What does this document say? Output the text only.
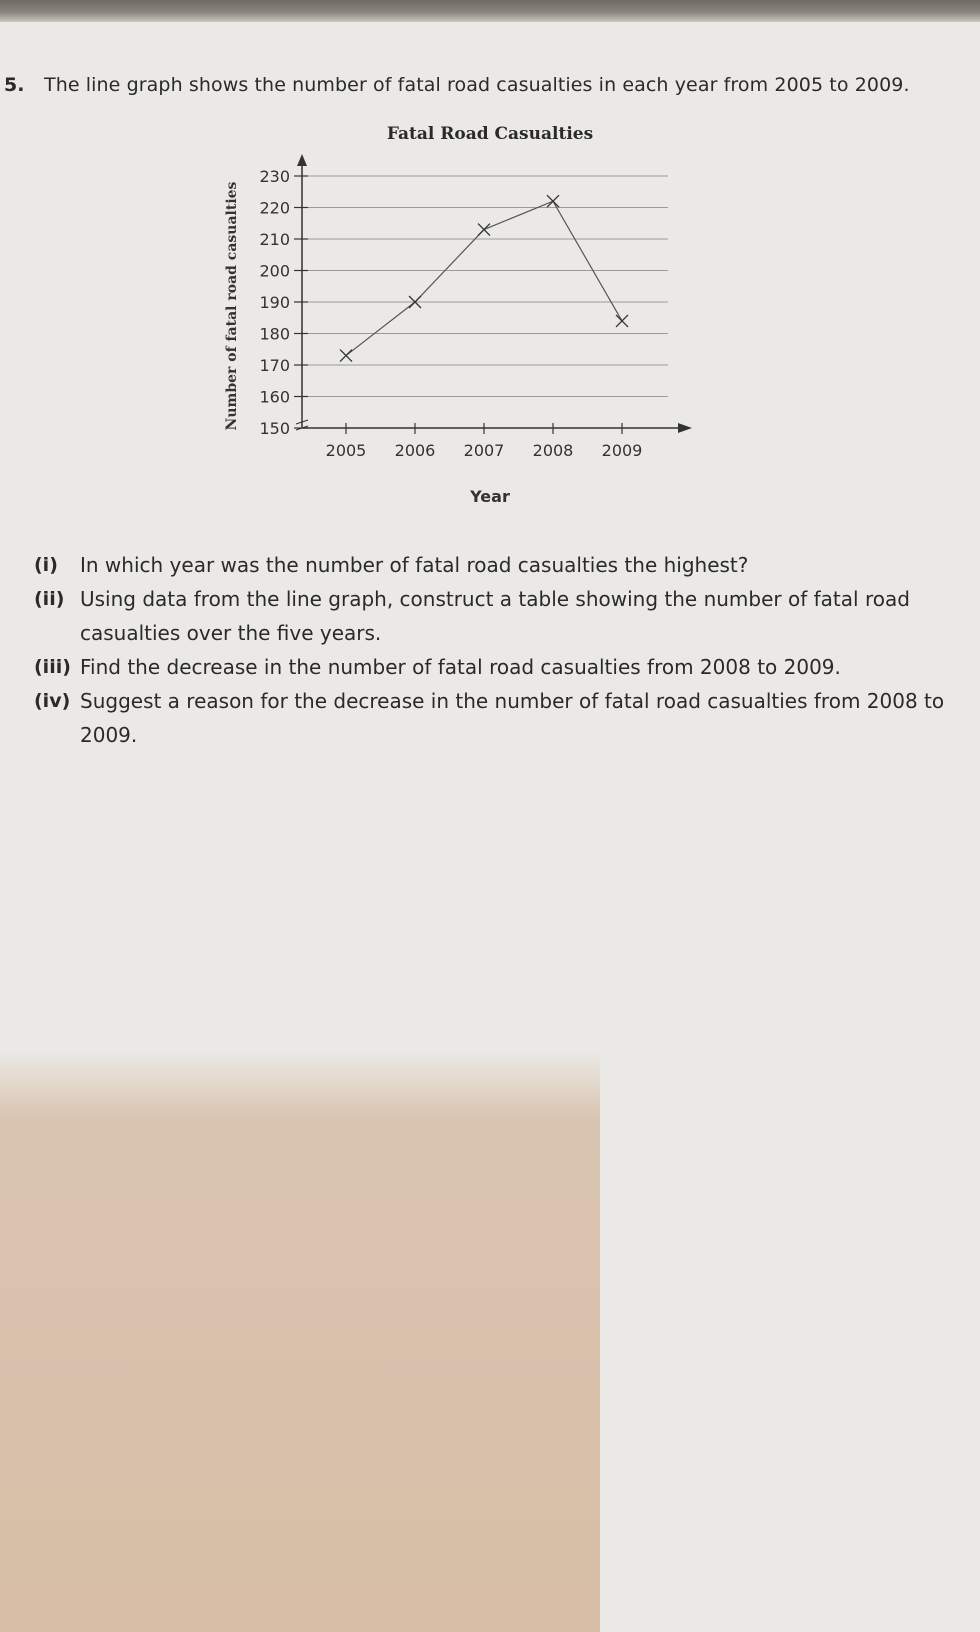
5. The line graph shows the number of fatal road casualties in each year from 2005 to 2009.
Fatal Road Casualties
150
160
170
180
190
200
210
220
230
2005 2006 2007 2008 2009
Number of fatal road casualties
Year
(i) In which year was the number of fatal road casualties the highest?
(ii) Using data from the line graph, construct a table showing the number of fatal road casualties over the five years.
(iii) Find the decrease in the number of fatal road casualties from 2008 to 2009.
(iv) Suggest a reason for the decrease in the number of fatal road casualties from 2008 to 2009.
